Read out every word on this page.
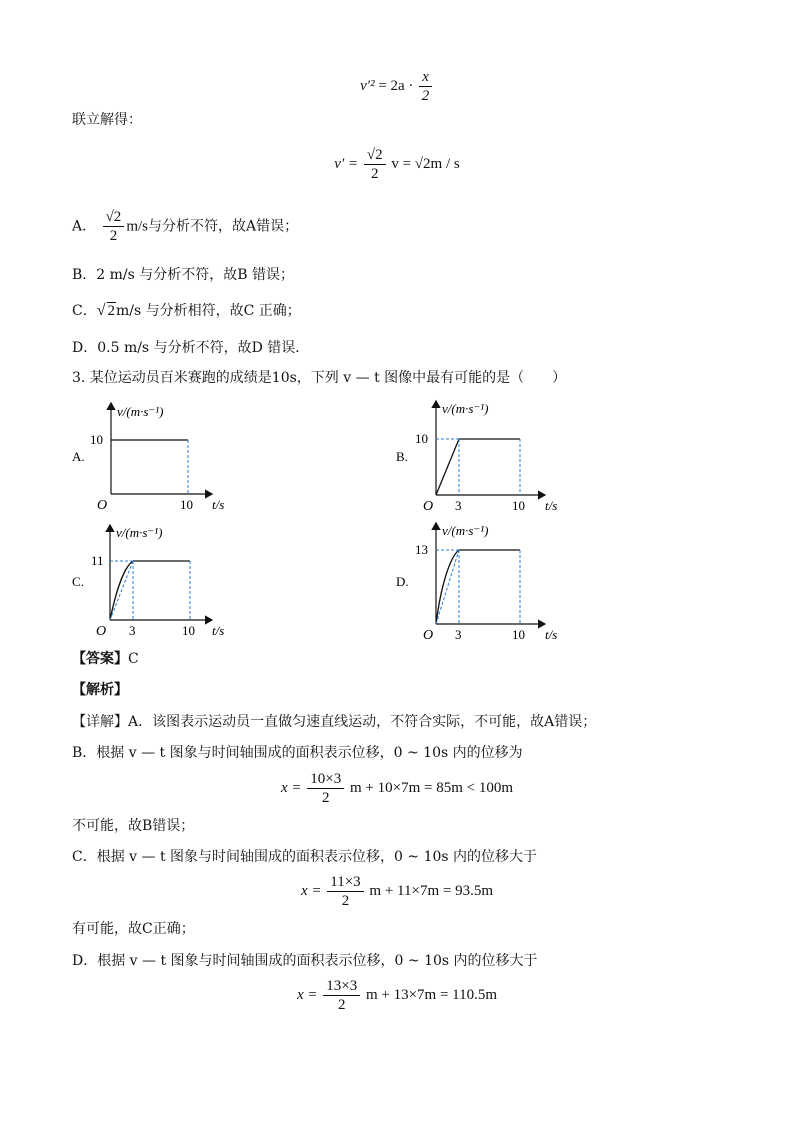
$v'^2 = 2a \cdot \frac{x}{2}$
联立解得：
$v' = \frac{√2}{2}$ v = √2m / s
A． $\frac{√2}{2} m/s$与分析不符，故A错误；
B．2 m/s 与分析不符，故B 错误；
C．√ 2m/s 与分析相符，故C 正确；
D．0.5 m/s 与分析不符，故D 错误．
3. 某位运动员百米赛跑的成绩是10s，下列 v — t 图像中最有可能的是（　　）
A.
v/(m·s⁻¹)
10
O	10 t/s
B.
v/(m·s⁻¹)
10
O 3	10 t/s
C.
v/(m·s⁻¹)
11
O 3	10 t/s
D.
v/(m·s⁻¹)
13
O 3	10 t/s
【答案】C
【解析】
【详解】A．该图表示运动员一直做匀速直线运动，不符合实际，不可能，故A错误；
B．根据 v — t 图象与时间轴围成的面积表示位移，0 ~ 10s 内的位移为
$x = \frac{10\times 3}{2}$ m + 10×7m = 85m < 100m
不可能，故B错误；
C．根据 v — t 图象与时间轴围成的面积表示位移，0 ~ 10s 内的位移大于
$x = \frac{11\times 3}{2}$ m + 11×7m = 93.5m
有可能，故C正确；
D．根据 v — t 图象与时间轴围成的面积表示位移，0 ~ 10s 内的位移大于
$x = \frac{13\times 3}{2}$ m + 13×7m = 110.5m
